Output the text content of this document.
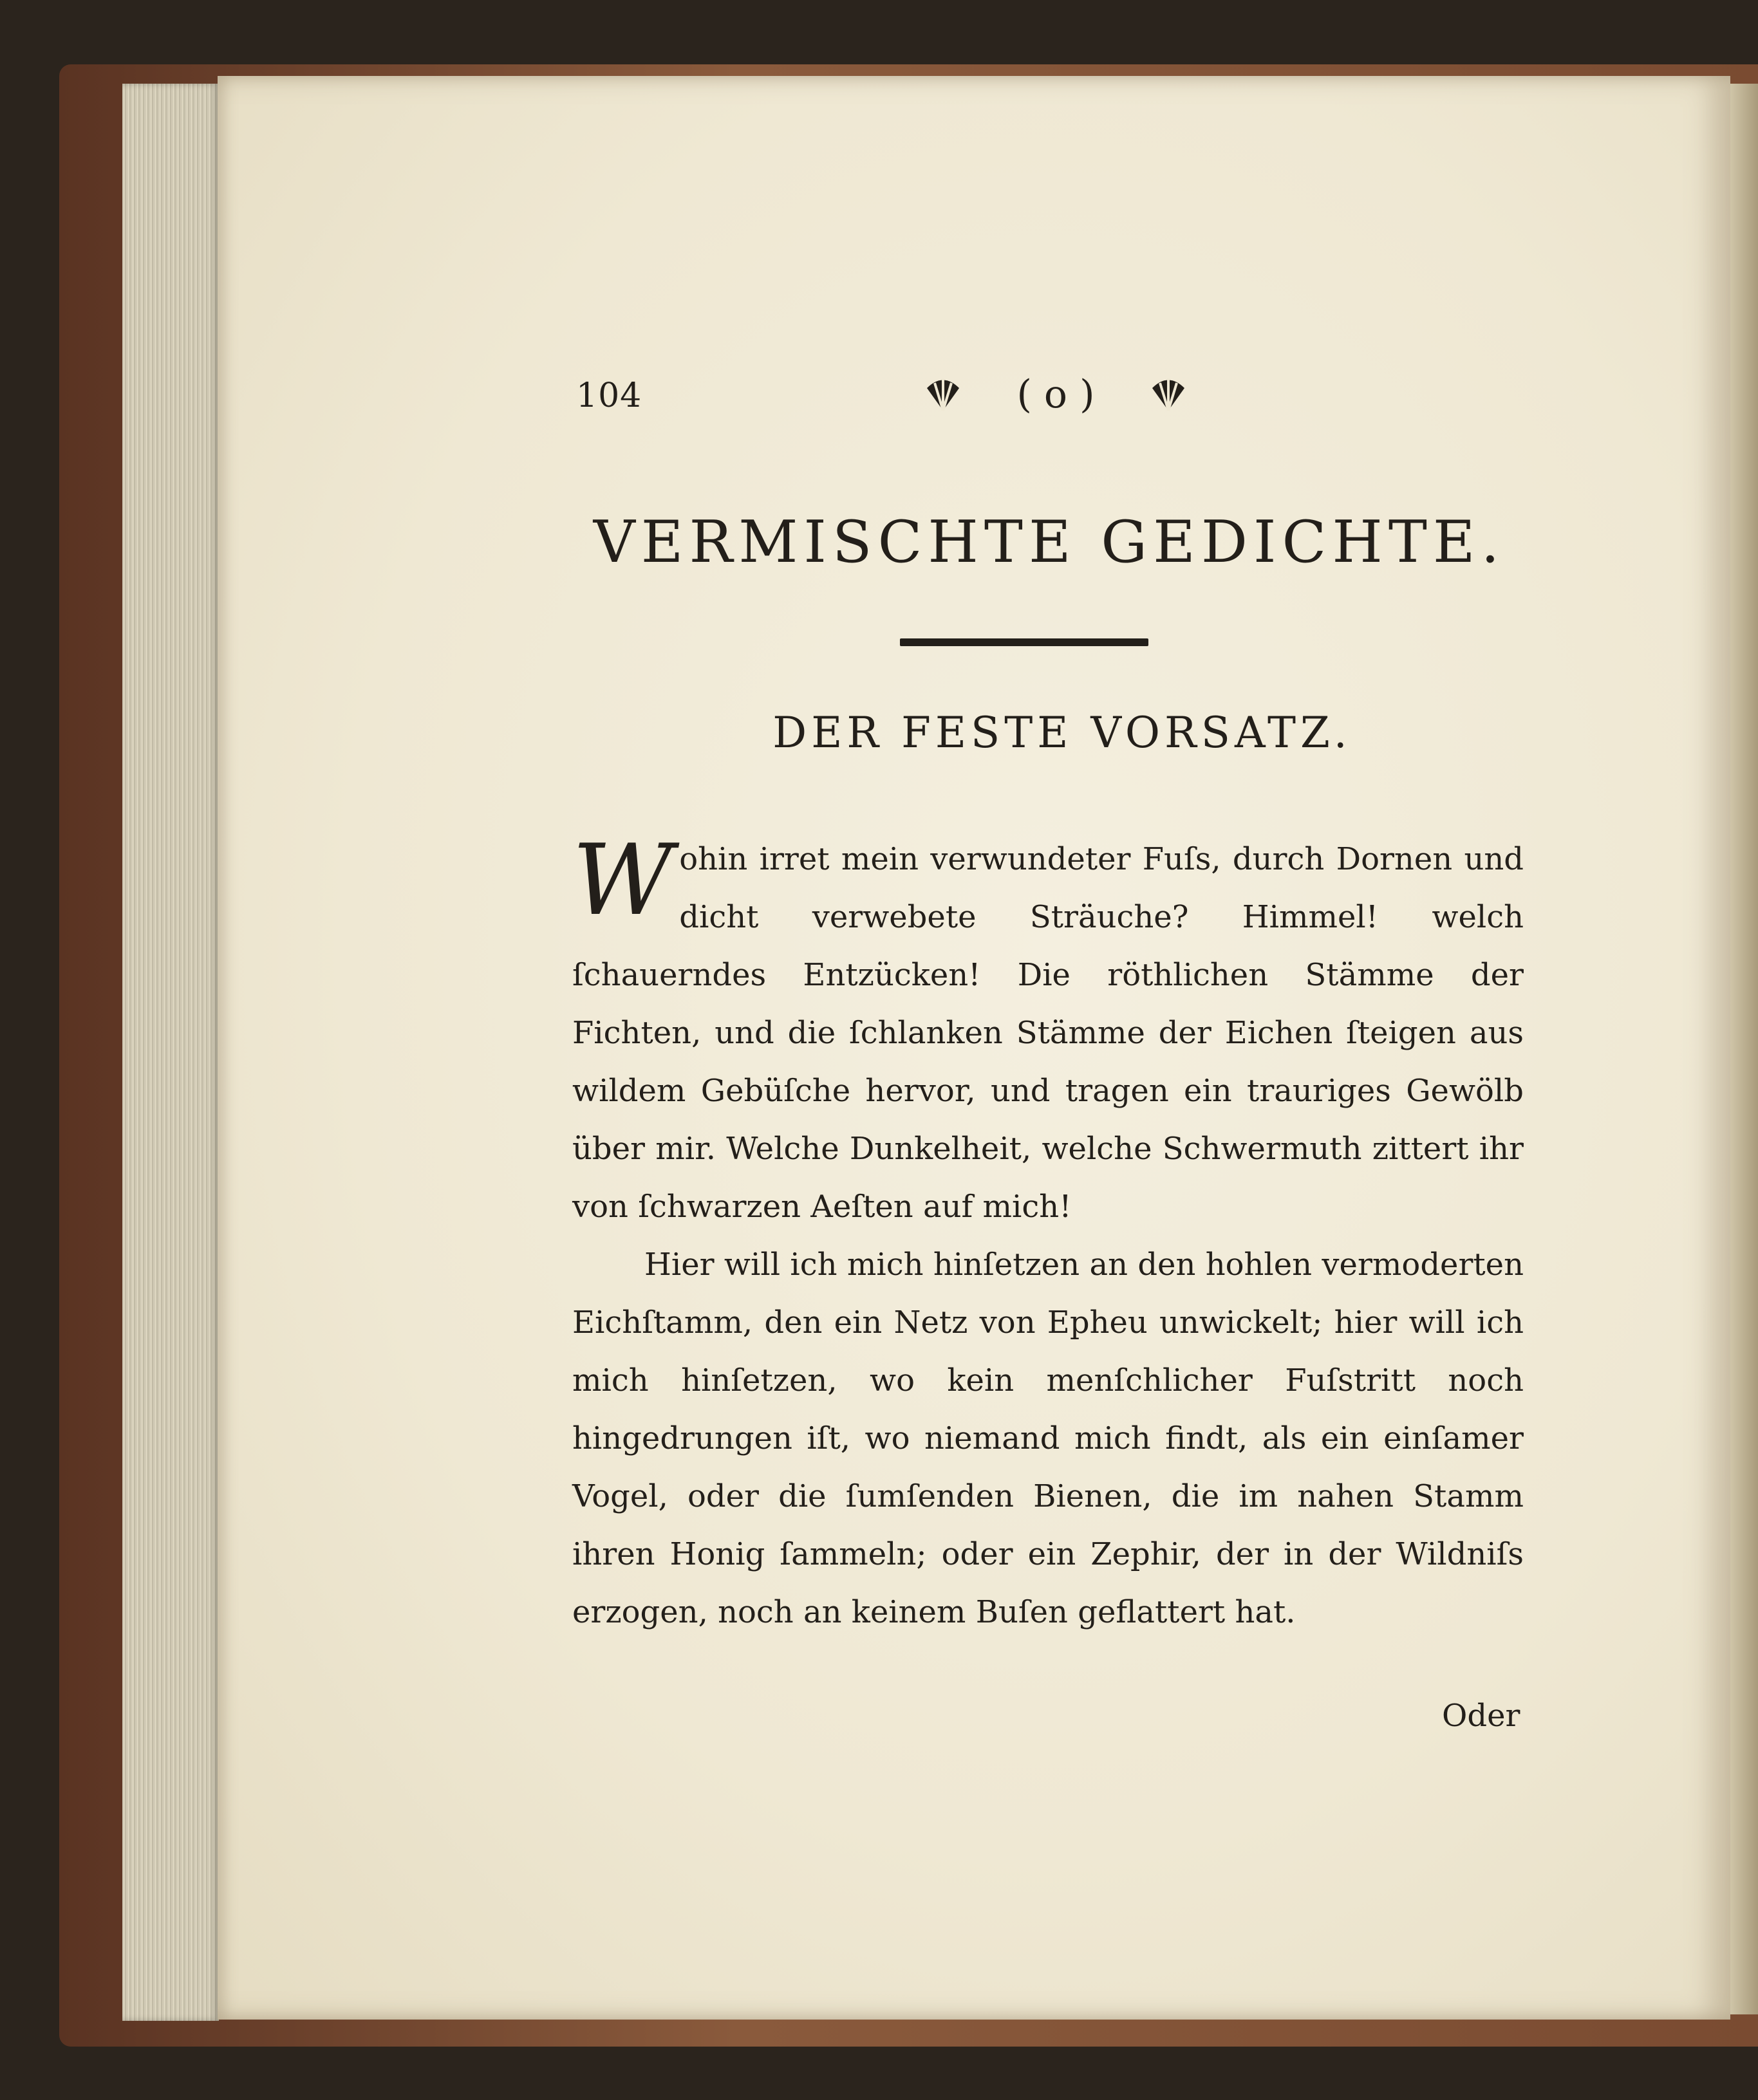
104	( o )
VERMISCHTE GEDICHTE.
DER FESTE VORSATZ.

Wohin irret mein verwundeter Fuſs, durch Dornen und dicht verwebete Sträuche? Himmel! welch ſchauerndes Entzücken! Die röthlichen Stämme der Fichten, und die ſchlanken Stämme der Eichen ſteigen aus wildem Gebüſche hervor, und tragen ein trauriges Gewölb über mir. Welche Dunkelheit, welche Schwermuth zittert ihr von ſchwarzen Aeſten auf mich!

Hier will ich mich hinſetzen an den hohlen vermoderten Eichſtamm, den ein Netz von Epheu unwickelt; hier will ich mich hinſetzen, wo kein menſchlicher Fuſstritt noch hingedrungen iſt, wo niemand mich findt, als ein einſamer Vogel, oder die ſumſenden Bienen, die im nahen Stamm ihren Honig ſammeln; oder ein Zephir, der in der Wildniſs erzogen, noch an keinem Buſen geflattert hat.

Oder
